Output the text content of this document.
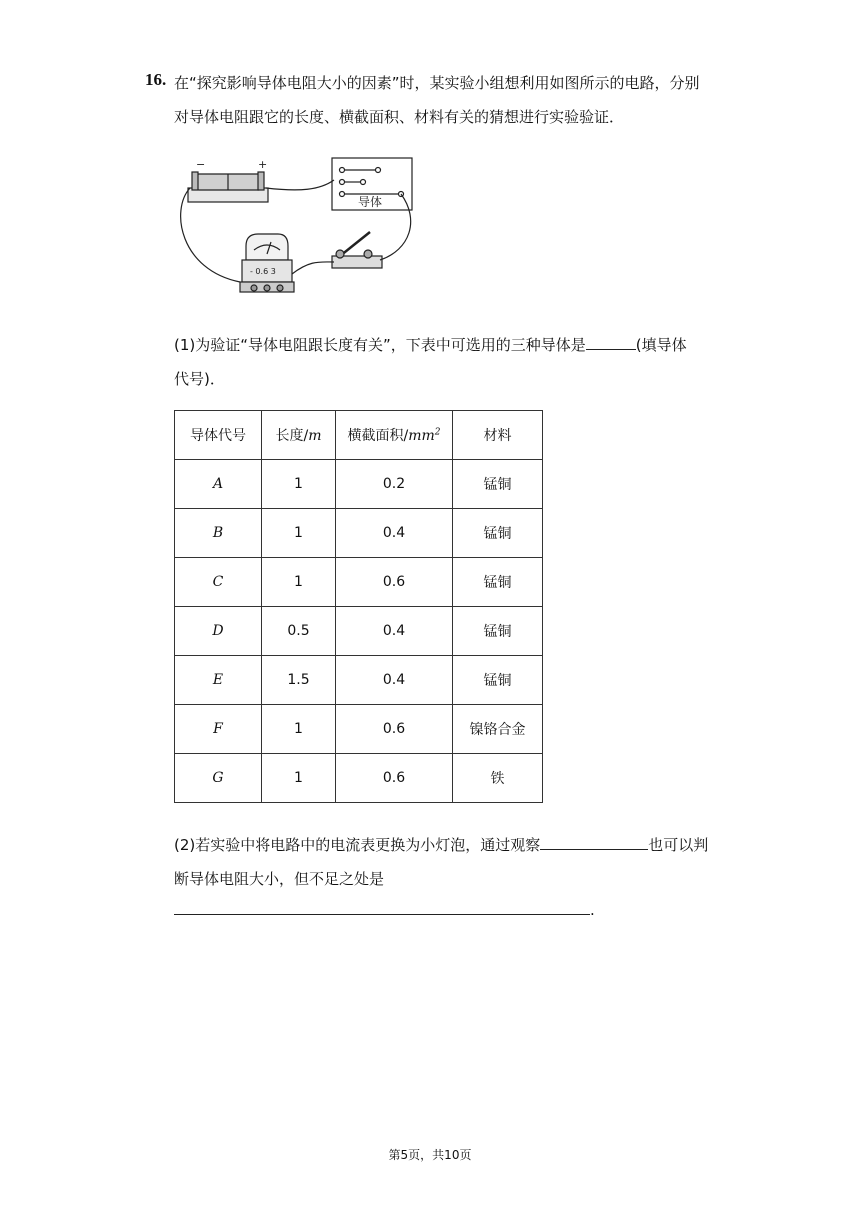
16. 在“探究影响导体电阻大小的因素”时，某实验小组想利用如图所示的电路，分别
对导体电阻跟它的长度、横截面积、材料有关的猜想进行实验验证．
−	+
导体
- 0.6 3
(1)为验证“导体电阻跟长度有关”，下表中可选用的三种导体是	(填导体
代号)．
导体代号	长度/m	横截面积$/mm^2$	材料
A	1	0.2	锰铜
B	1	0.4	锰铜
C	1	0.6	锰铜
D	0.5	0.4	锰铜
E	1.5	0.4	锰铜
F	1	0.6	镍铬合金
G	1	0.6	铁
(2)若实验中将电路中的电流表更换为小灯泡，通过观察	也可以判
断导体电阻大小，但不足之处是
.
第5页，共10页
